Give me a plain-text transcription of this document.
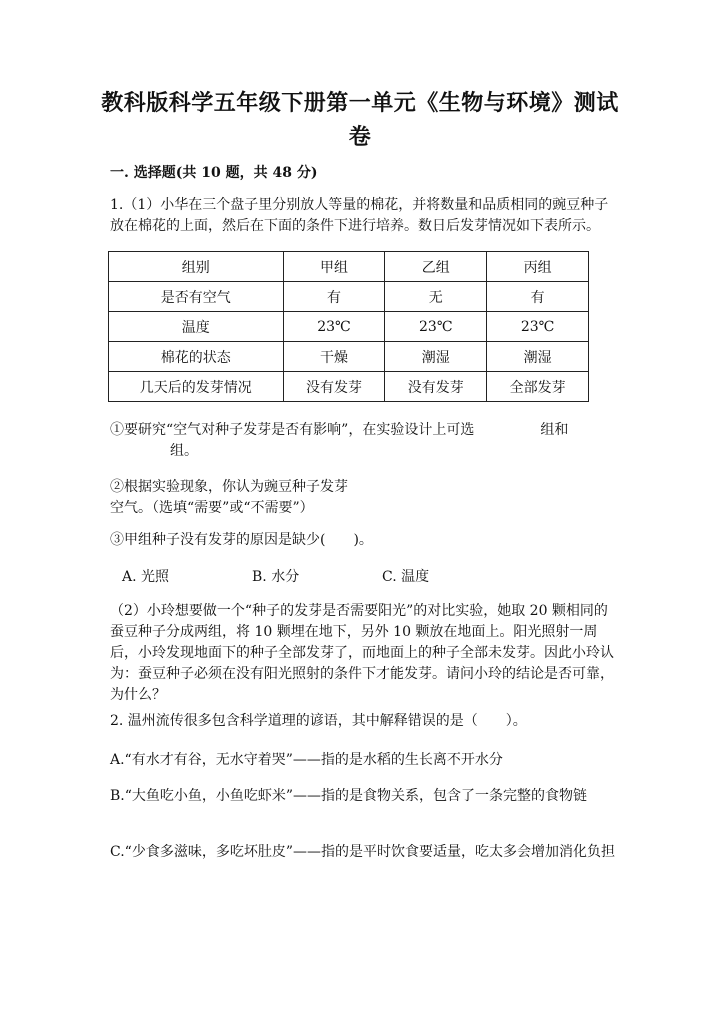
教科版科学五年级下册第一单元《生物与环境》测试卷
一. 选择题(共 10 题，共 48 分)
1.（1）小华在三个盘子里分别放人等量的棉花，并将数量和品质相同的豌豆种子放在棉花的上面，然后在下面的条件下进行培养。数日后发芽情况如下表所示。
组别	甲组	乙组	丙组
是否有空气	有	无	有
温度	23℃	23℃	23℃
棉花的状态	干燥	潮湿	潮湿
几天后的发芽情况	没有发芽	没有发芽	全部发芽
①要研究“空气对种子发芽是否有影响”，在实验设计上可选	组和组。
②根据实验现象，你认为豌豆种子发芽空气。（选填“需要”或“不需要”）
③甲组种子没有发芽的原因是缺少(　　)。
A. 光照	B. 水分	C. 温度
（2）小玲想要做一个“种子的发芽是否需要阳光”的对比实验，她取 20 颗相同的蚕豆种子分成两组，将 10 颗埋在地下，另外 10 颗放在地面上。阳光照射一周后，小玲发现地面下的种子全部发芽了，而地面上的种子全部未发芽。因此小玲认为：蚕豆种子必须在没有阳光照射的条件下才能发芽。请问小玲的结论是否可靠，为什么？
2. 温州流传很多包含科学道理的谚语，其中解释错误的是（　　）。
A.“有水才有谷，无水守着哭”——指的是水稻的生长离不开水分
B.“大鱼吃小鱼，小鱼吃虾米”——指的是食物关系，包含了一条完整的食物链
C.“少食多滋味，多吃坏肚皮”——指的是平时饮食要适量，吃太多会增加消化负担
